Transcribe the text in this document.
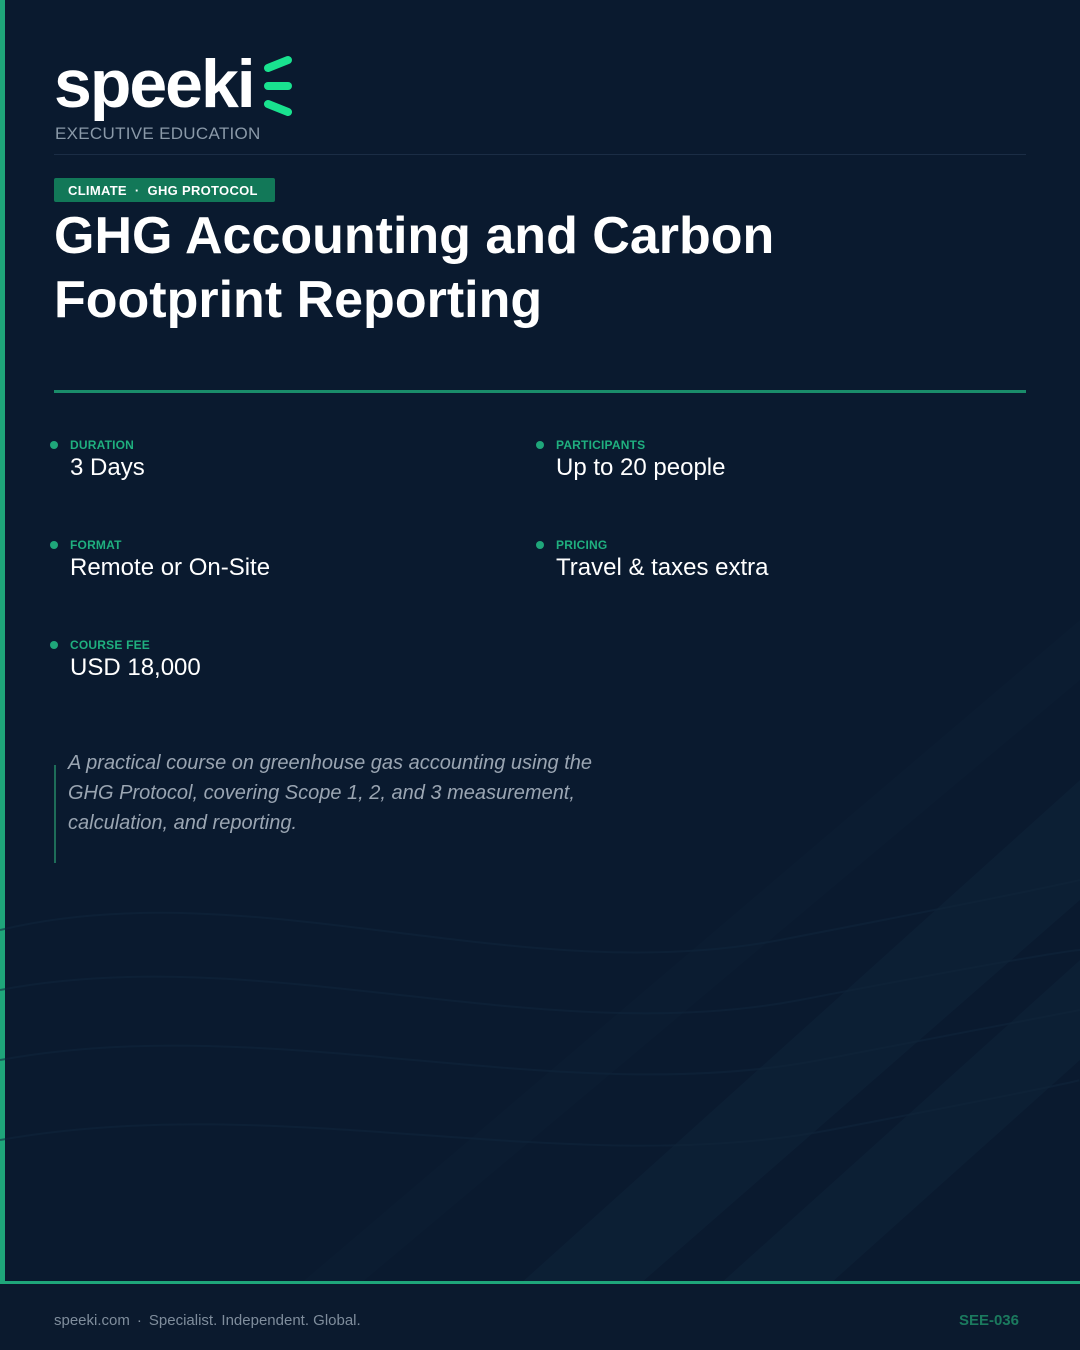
speeki
EXECUTIVE EDUCATION
CLIMATE · GHG PROTOCOL
GHG Accounting and Carbon
Footprint Reporting
DURATION
3 Days
PARTICIPANTS
Up to 20 people
FORMAT
Remote or On-Site
PRICING
Travel & taxes extra
COURSE FEE
USD 18,000

A practical course on greenhouse gas accounting using the GHG Protocol, covering Scope 1, 2, and 3 measurement, calculation, and reporting.

speeki.com · Specialist. Independent. Global.	SEE-036
